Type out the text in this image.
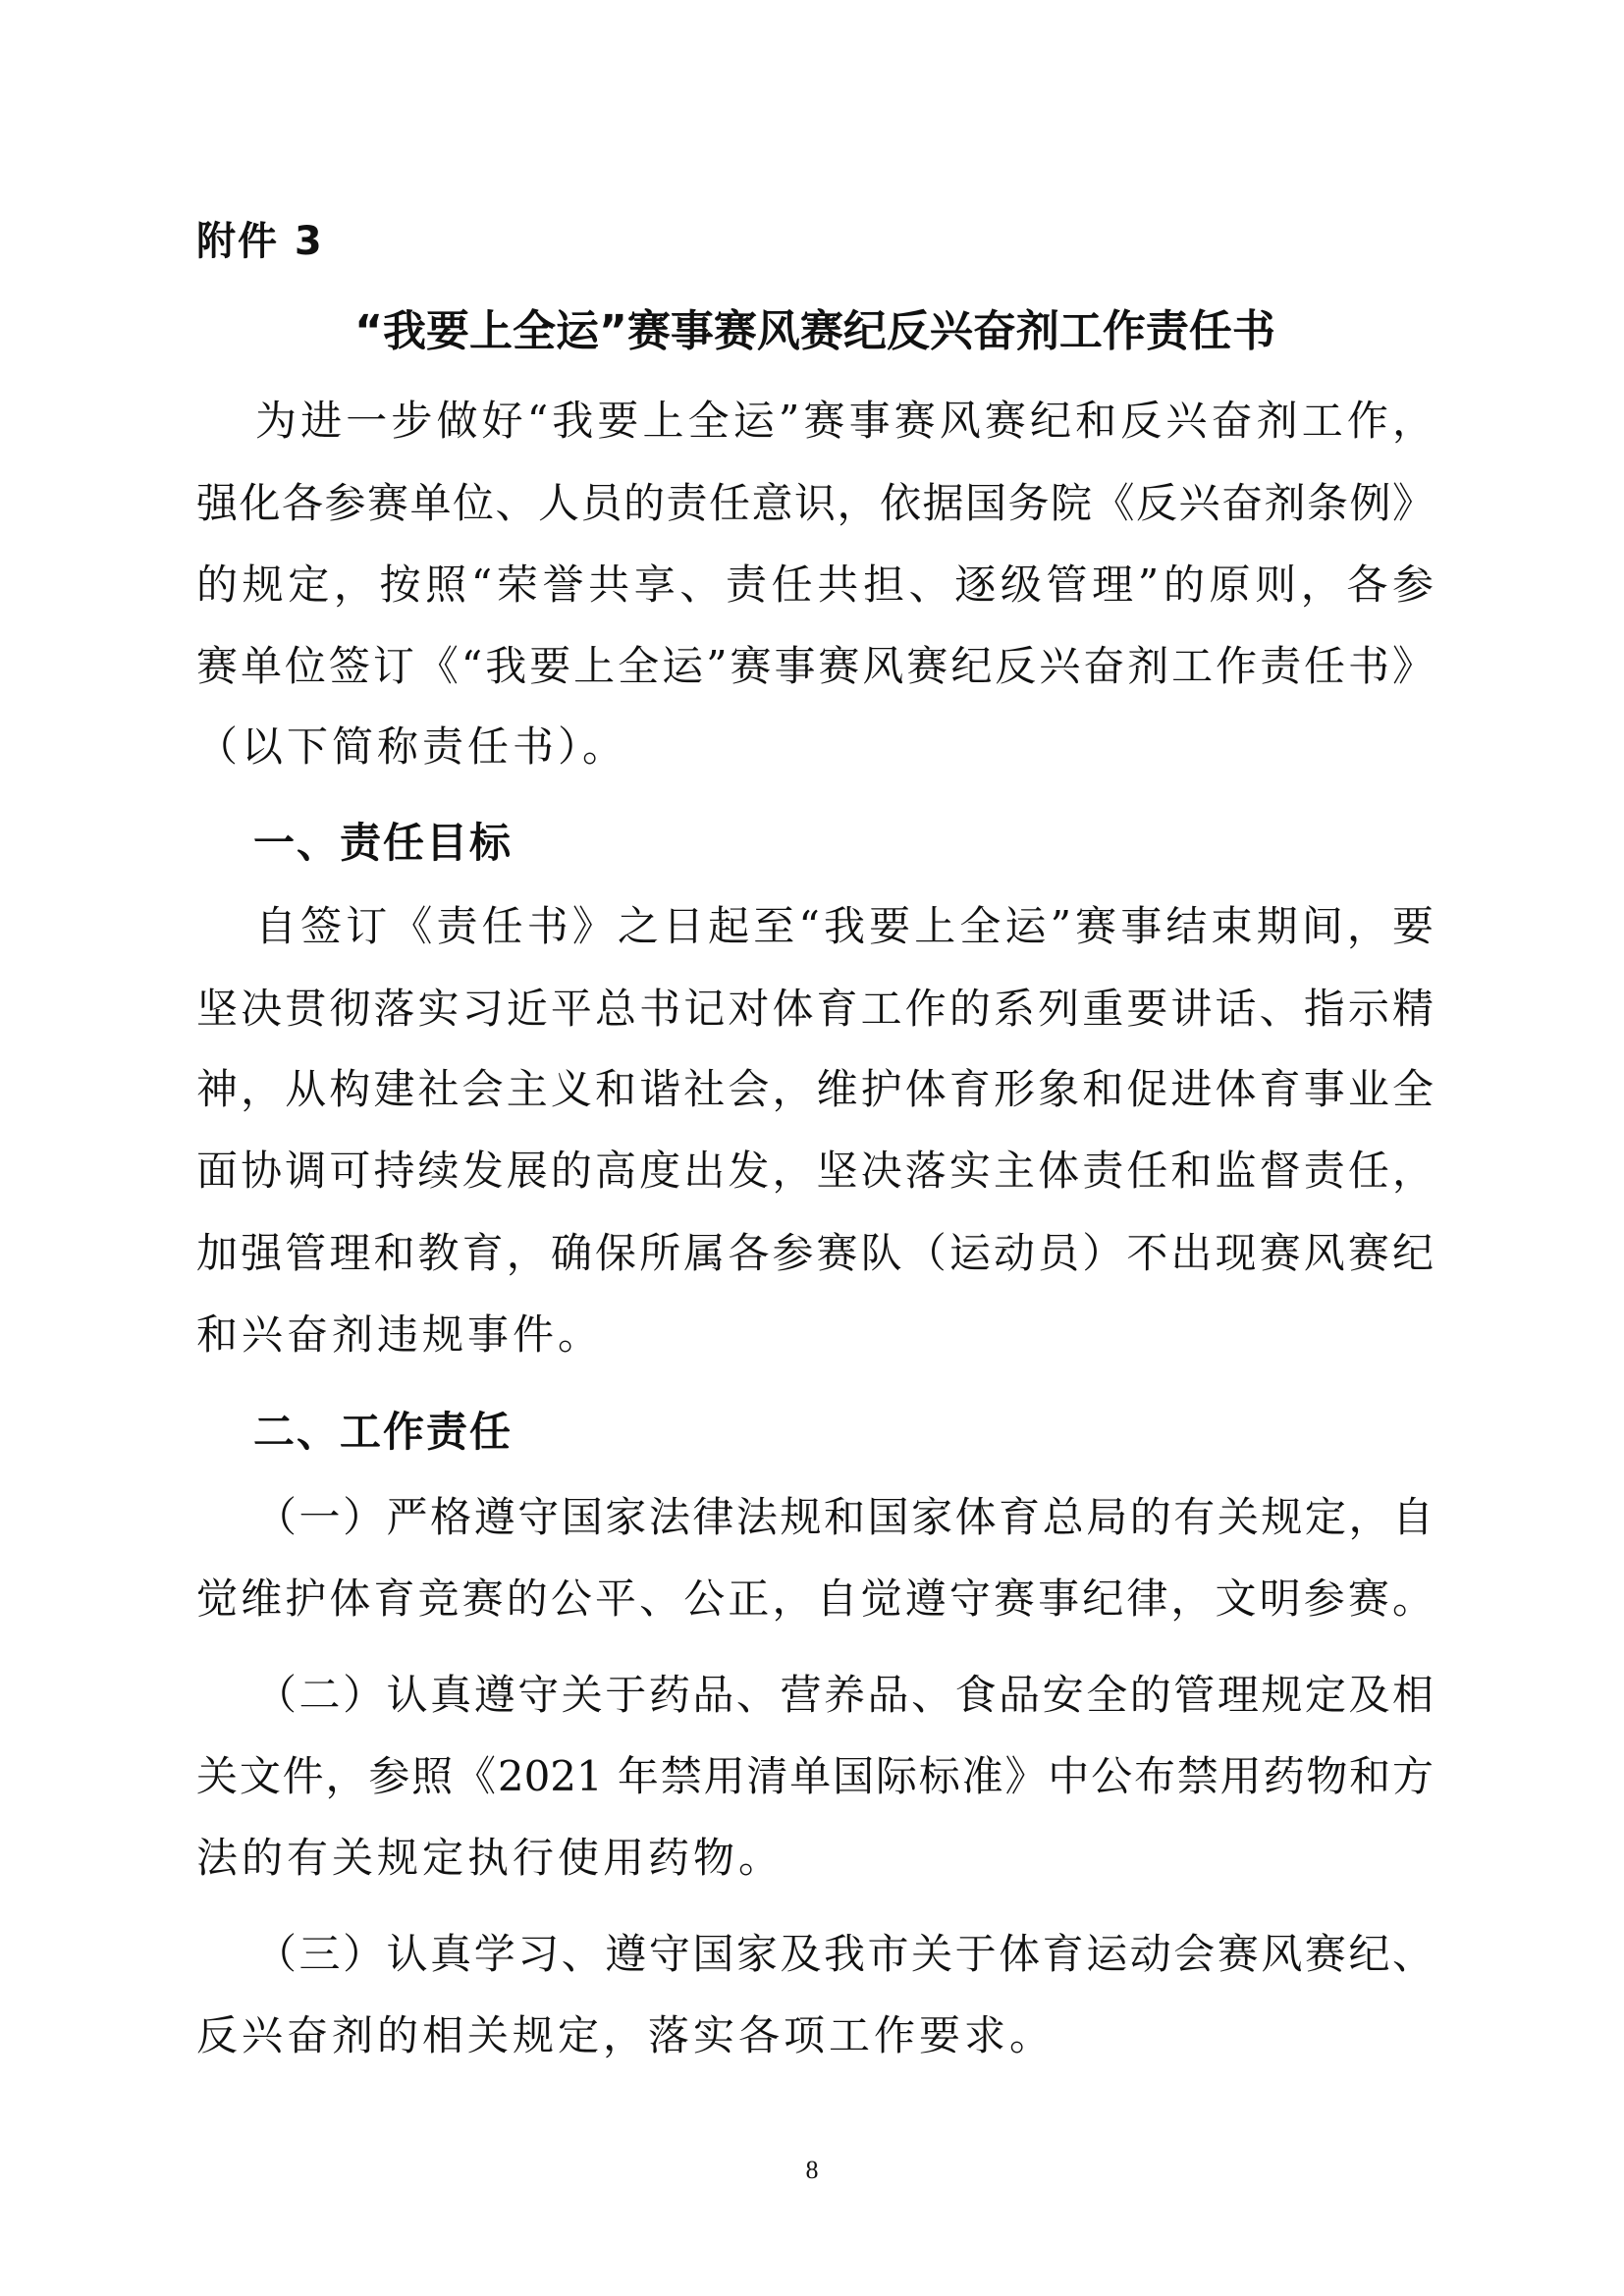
附件 3
“我要上全运”赛事赛风赛纪反兴奋剂工作责任书
为进一步做好“我要上全运”赛事赛风赛纪和反兴奋剂工作，
强化各参赛单位、人员的责任意识，依据国务院《反兴奋剂条例》
的规定，按照“荣誉共享、责任共担、逐级管理”的原则，各参
赛单位签订《“我要上全运”赛事赛风赛纪反兴奋剂工作责任书》
（以下简称责任书）。
一、责任目标
自签订《责任书》之日起至“我要上全运”赛事结束期间，要
坚决贯彻落实习近平总书记对体育工作的系列重要讲话、指示精
神，从构建社会主义和谐社会，维护体育形象和促进体育事业全
面协调可持续发展的高度出发，坚决落实主体责任和监督责任，
加强管理和教育，确保所属各参赛队（运动员）不出现赛风赛纪
和兴奋剂违规事件。
二、工作责任
（一）严格遵守国家法律法规和国家体育总局的有关规定，自
觉维护体育竞赛的公平、公正，自觉遵守赛事纪律，文明参赛。
（二）认真遵守关于药品、营养品、食品安全的管理规定及相
关文件，参照《2021 年禁用清单国际标准》中公布禁用药物和方
法的有关规定执行使用药物。
（三）认真学习、遵守国家及我市关于体育运动会赛风赛纪、
反兴奋剂的相关规定，落实各项工作要求。
8
